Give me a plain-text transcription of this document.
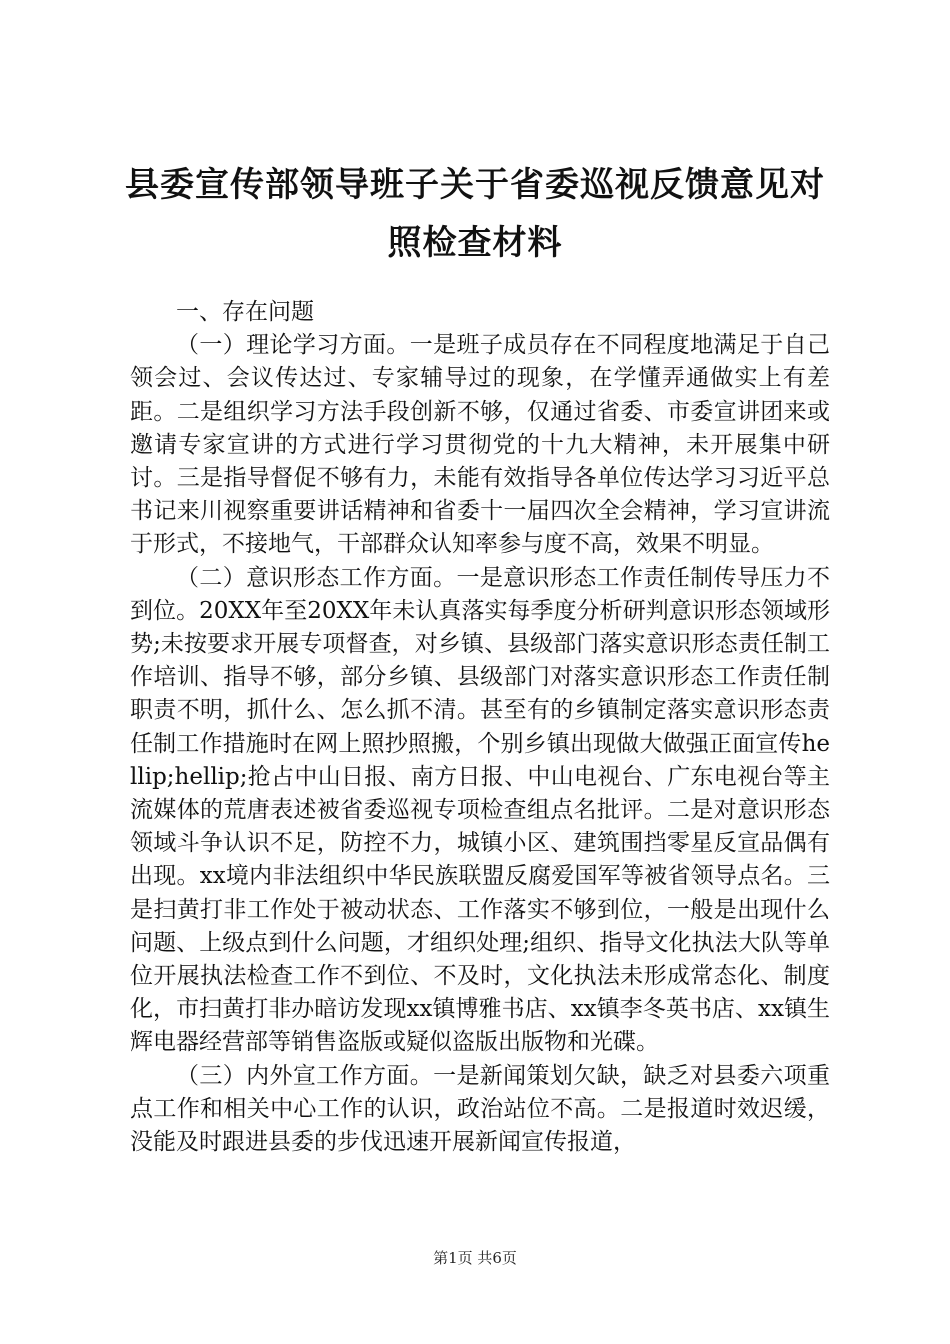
县委宣传部领导班子关于省委巡视反馈意见对
照检查材料

一、存在问题

（一）理论学习方面。一是班子成员存在不同程度地满足于自己领会过、会议传达过、专家辅导过的现象，在学懂弄通做实上有差距。二是组织学习方法手段创新不够，仅通过省委、市委宣讲团来或邀请专家宣讲的方式进行学习贯彻党的十九大精神，未开展集中研讨。三是指导督促不够有力，未能有效指导各单位传达学习习近平总书记来川视察重要讲话精神和省委十一届四次全会精神，学习宣讲流于形式，不接地气，干部群众认知率参与度不高，效果不明显。

（二）意识形态工作方面。一是意识形态工作责任制传导压力不到位。20XX年至20XX年未认真落实每季度分析研判意识形态领域形势;未按要求开展专项督查，对乡镇、县级部门落实意识形态责任制工作培训、指导不够，部分乡镇、县级部门对落实意识形态工作责任制职责不明，抓什么、怎么抓不清。甚至有的乡镇制定落实意识形态责任制工作措施时在网上照抄照搬，个别乡镇出现做大做强正面宣传hellip;hellip;抢占中山日报、南方日报、中山电视台、广东电视台等主流媒体的荒唐表述被省委巡视专项检查组点名批评。二是对意识形态领域斗争认识不足，防控不力，城镇小区、建筑围挡零星反宣品偶有出现。xx境内非法组织中华民族联盟反腐爱国军等被省领导点名。三是扫黄打非工作处于被动状态、工作落实不够到位，一般是出现什么问题、上级点到什么问题，才组织处理;组织、指导文化执法大队等单位开展执法检查工作不到位、不及时，文化执法未形成常态化、制度化，市扫黄打非办暗访发现xx镇博雅书店、xx镇李冬英书店、xx镇生辉电器经营部等销售盗版或疑似盗版出版物和光碟。

（三）内外宣工作方面。一是新闻策划欠缺，缺乏对县委六项重点工作和相关中心工作的认识，政治站位不高。二是报道时效迟缓，没能及时跟进县委的步伐迅速开展新闻宣传报道，

第1页 共6页
